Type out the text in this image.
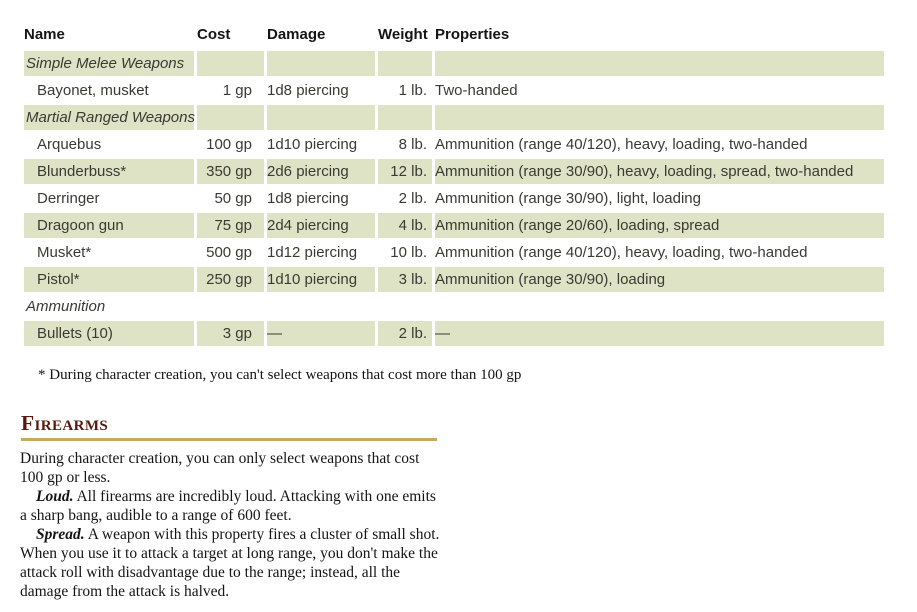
Name	Cost	Damage	Weight	Properties
Simple Melee Weapons				
Bayonet, musket	1 gp	1d8 piercing	1 lb.	Two-handed
Martial Ranged Weapons				
Arquebus	100 gp	1d10 piercing	8 lb.	Ammunition (range 40/120), heavy, loading, two-handed
Blunderbuss*	350 gp	2d6 piercing	12 lb.	Ammunition (range 30/90), heavy, loading, spread, two-handed
Derringer	50 gp	1d8 piercing	2 lb.	Ammunition (range 30/90), light, loading
Dragoon gun	75 gp	2d4 piercing	4 lb.	Ammunition (range 20/60), loading, spread
Musket*	500 gp	1d12 piercing	10 lb.	Ammunition (range 40/120), heavy, loading, two-handed
Pistol*	250 gp	1d10 piercing	3 lb.	Ammunition (range 30/90), loading
Ammunition				
Bullets (10)	3 gp	—	2 lb.	—
* During character creation, you can't select weapons that cost more than 100 gp
Firearms

During character creation, you can only select weapons that cost 100 gp or less.

Loud. All firearms are incredibly loud. Attacking with one emits a sharp bang, audible to a range of 600 feet.

Spread. A weapon with this property fires a cluster of small shot. When you use it to attack a target at long range, you don't make the attack roll with disadvantage due to the range; instead, all the damage from the attack is halved.
